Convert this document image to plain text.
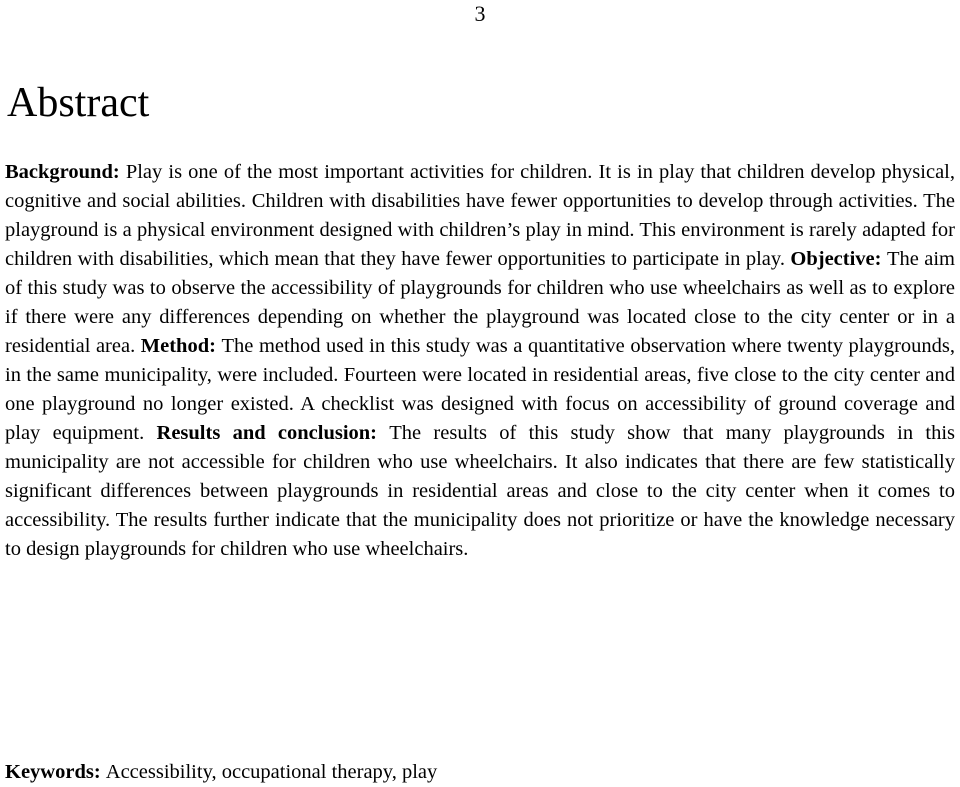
3
Abstract

Background: Play is one of the most important activities for children. It is in play that children develop physical, cognitive and social abilities. Children with disabilities have fewer opportunities to develop through activities. The playground is a physical environment designed with children’s play in mind. This environment is rarely adapted for children with disabilities, which mean that they have fewer opportunities to participate in play. Objective: The aim of this study was to observe the accessibility of playgrounds for children who use wheelchairs as well as to explore if there were any differences depending on whether the playground was located close to the city center or in a residential area. Method: The method used in this study was a quantitative observation where twenty playgrounds, in the same municipality, were included. Fourteen were located in residential areas, five close to the city center and one playground no longer existed. A checklist was designed with focus on accessibility of ground coverage and play equipment. Results and conclusion: The results of this study show that many playgrounds in this municipality are not accessible for children who use wheelchairs. It also indicates that there are few statistically significant differences between playgrounds in residential areas and close to the city center when it comes to accessibility. The results further indicate that the municipality does not prioritize or have the knowledge necessary to design playgrounds for children who use wheelchairs.

Keywords: Accessibility, occupational therapy, play
